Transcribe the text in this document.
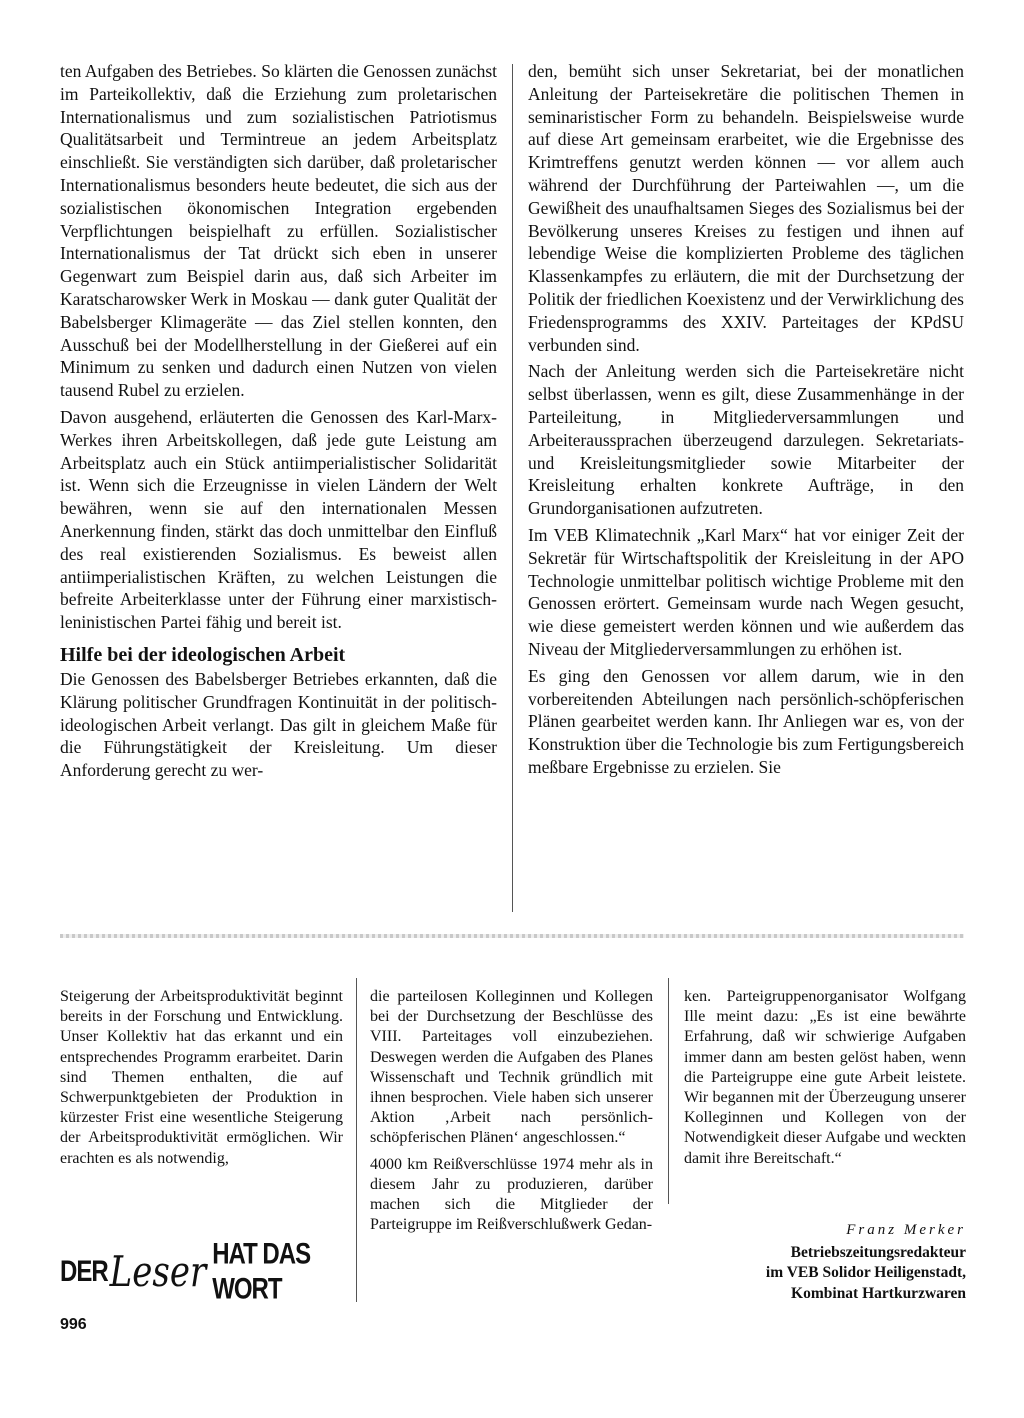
ten Aufgaben des Betriebes. So klärten die Genossen zunächst im Parteikollektiv, daß die Erziehung zum proletarischen Internationalismus und zum sozialistischen Patriotismus Qualitätsarbeit und Termintreue an jedem Arbeitsplatz einschließt. Sie verständigten sich darüber, daß proletarischer Internationalismus besonders heute bedeutet, die sich aus der sozialistischen ökonomischen Integration ergebenden Verpflichtungen beispielhaft zu erfüllen. Sozialistischer Internationalismus der Tat drückt sich eben in unserer Gegenwart zum Beispiel darin aus, daß sich Arbeiter im Karatscharowsker Werk in Moskau — dank guter Qualität der Babelsberger Klimageräte — das Ziel stellen konnten, den Ausschuß bei der Modellherstellung in der Gießerei auf ein Minimum zu senken und dadurch einen Nutzen von vielen tausend Rubel zu erzielen.

Davon ausgehend, erläuterten die Genossen des Karl-Marx-Werkes ihren Arbeitskollegen, daß jede gute Leistung am Arbeitsplatz auch ein Stück antiimperialistischer Solidarität ist. Wenn sich die Erzeugnisse in vielen Ländern der Welt bewähren, wenn sie auf den internationalen Messen Anerkennung finden, stärkt das doch unmittelbar den Einfluß des real existierenden Sozialismus. Es beweist allen antiimperialistischen Kräften, zu welchen Leistungen die befreite Arbeiterklasse unter der Führung einer marxistisch-leninistischen Partei fähig und bereit ist.

Hilfe bei der ideologischen Arbeit

Die Genossen des Babelsberger Betriebes erkannten, daß die Klärung politischer Grundfragen Kontinuität in der politisch-ideologischen Arbeit verlangt. Das gilt in gleichem Maße für die Führungstätigkeit der Kreisleitung. Um dieser Anforderung gerecht zu wer-

den, bemüht sich unser Sekretariat, bei der monatlichen Anleitung der Parteisekretäre die politischen Themen in seminaristischer Form zu behandeln. Beispielsweise wurde auf diese Art gemeinsam erarbeitet, wie die Ergebnisse des Krimtreffens genutzt werden können — vor allem auch während der Durchführung der Parteiwahlen —, um die Gewißheit des unaufhaltsamen Sieges des Sozialismus bei der Bevölkerung unseres Kreises zu festigen und ihnen auf lebendige Weise die komplizierten Probleme des täglichen Klassenkampfes zu erläutern, die mit der Durchsetzung der Politik der friedlichen Koexistenz und der Verwirklichung des Friedensprogramms des XXIV. Parteitages der KPdSU verbunden sind.

Nach der Anleitung werden sich die Parteisekretäre nicht selbst überlassen, wenn es gilt, diese Zusammenhänge in der Parteileitung, in Mitgliederversammlungen und Arbeiteraussprachen überzeugend darzulegen. Sekretariats- und Kreisleitungsmitglieder sowie Mitarbeiter der Kreisleitung erhalten konkrete Aufträge, in den Grundorganisationen aufzutreten.

Im VEB Klimatechnik „Karl Marx“ hat vor einiger Zeit der Sekretär für Wirtschaftspolitik der Kreisleitung in der APO Technologie unmittelbar politisch wichtige Probleme mit den Genossen erörtert. Gemeinsam wurde nach Wegen gesucht, wie diese gemeistert werden können und wie außerdem das Niveau der Mitgliederversammlungen zu erhöhen ist.

Es ging den Genossen vor allem darum, wie in den vorbereitenden Abteilungen nach persönlich-schöpferischen Plänen gearbeitet werden kann. Ihr Anliegen war es, von der Konstruktion über die Technologie bis zum Fertigungsbereich meßbare Ergebnisse zu erzielen. Sie

Steigerung der Arbeitsproduktivität beginnt bereits in der Forschung und Entwicklung. Unser Kollektiv hat das erkannt und ein entsprechendes Programm erarbeitet. Darin sind Themen enthalten, die auf Schwerpunktgebieten der Produktion in kürzester Frist eine wesentliche Steigerung der Arbeitsproduktivität ermöglichen. Wir erachten es als notwendig,

die parteilosen Kolleginnen und Kollegen bei der Durchsetzung der Beschlüsse des VIII. Parteitages voll einzubeziehen. Deswegen werden die Aufgaben des Planes Wissenschaft und Technik gründlich mit ihnen besprochen. Viele haben sich unserer Aktion ‚Arbeit nach persönlich-schöpferischen Plänen‘ angeschlossen.“

4000 km Reißverschlüsse 1974 mehr als in diesem Jahr zu produzieren, darüber machen sich die Mitglieder der Parteigruppe im Reißverschlußwerk Gedan-

ken. Parteigruppenorganisator Wolfgang Ille meint dazu: „Es ist eine bewährte Erfahrung, daß wir schwierige Aufgaben immer dann am besten gelöst haben, wenn die Parteigruppe eine gute Arbeit leistete. Wir begannen mit der Überzeugung unserer Kolleginnen und Kollegen von der Notwendigkeit dieser Aufgabe und weckten damit ihre Bereitschaft.“

Franz Merker
Betriebszeitungsredakteur
im VEB Solidor Heiligenstadt,
Kombinat Hartkurzwaren
DER Leser HAT DAS WORT
996
